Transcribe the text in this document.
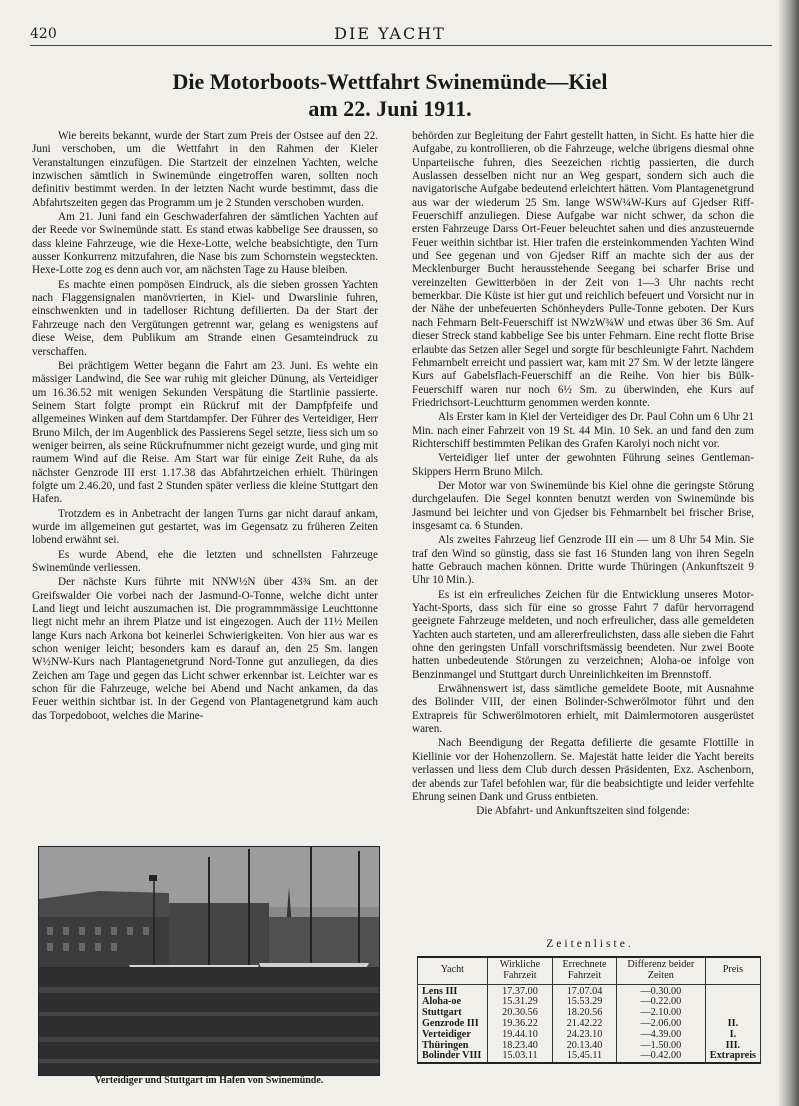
420	DIE YACHT
Die Motorboots-Wettfahrt Swinemünde—Kiel
am 22. Juni 1911.

Wie bereits bekannt, wurde der Start zum Preis der Ostsee auf den 22. Juni verschoben, um die Wettfahrt in den Rahmen der Kieler Veranstaltungen einzufügen. Die Startzeit der einzelnen Yachten, welche inzwischen sämtlich in Swinemünde eingetroffen waren, sollten noch definitiv bestimmt werden. In der letzten Nacht wurde bestimmt, dass die Abfahrtszeiten gegen das Programm um je 2 Stunden verschoben wurden.

Am 21. Juni fand ein Geschwaderfahren der sämtlichen Yachten auf der Reede vor Swinemünde statt. Es stand etwas kabbelige See draussen, so dass kleine Fahrzeuge, wie die Hexe-Lotte, welche beabsichtigte, den Turn ausser Konkurrenz mitzufahren, die Nase bis zum Schornstein wegsteckten. Hexe-Lotte zog es denn auch vor, am nächsten Tage zu Hause bleiben.

Es machte einen pompösen Eindruck, als die sieben grossen Yachten nach Flaggensignalen manövrierten, in Kiel- und Dwarslinie fuhren, einschwenkten und in tadelloser Richtung defilierten. Da der Start der Fahrzeuge nach den Vergütungen getrennt war, gelang es wenigstens auf diese Weise, dem Publikum am Strande einen Gesamteindruck zu verschaffen.

Bei prächtigem Wetter begann die Fahrt am 23. Juni. Es wehte ein mässiger Landwind, die See war ruhig mit gleicher Dünung, als Verteidiger um 16.36.52 mit wenigen Sekunden Verspätung die Startlinie passierte. Seinem Start folgte prompt ein Rückruf mit der Dampfpfeife und allgemeines Winken auf dem Startdampfer. Der Führer des Verteidiger, Herr Bruno Milch, der im Augenblick des Passierens Segel setzte, liess sich um so weniger beirren, als seine Rückrufnummer nicht gezeigt wurde, und ging mit raumem Wind auf die Reise. Am Start war für einige Zeit Ruhe, da als nächster Genzrode III erst 1.17.38 das Abfahrtzeichen erhielt. Thüringen folgte um 2.46.20, und fast 2 Stunden später verliess die kleine Stuttgart den Hafen.

Trotzdem es in Anbetracht der langen Turns gar nicht darauf ankam, wurde im allgemeinen gut gestartet, was im Gegensatz zu früheren Zeiten lobend erwähnt sei.

Es wurde Abend, ehe die letzten und schnellsten Fahrzeuge Swinemünde verliessen.

Der nächste Kurs führte mit NNW½N über 43¾ Sm. an der Greifswalder Oie vorbei nach der Jasmund-O-Tonne, welche dicht unter Land liegt und leicht auszumachen ist. Die programmmässige Leuchttonne liegt nicht mehr an ihrem Platze und ist eingezogen. Auch der 11½ Meilen lange Kurs nach Arkona bot keinerlei Schwierigkeiten. Von hier aus war es schon weniger leicht; besonders kam es darauf an, den 25 Sm. langen W½NW-Kurs nach Plantagenetgrund Nord-Tonne gut anzuliegen, da dies Zeichen am Tage und gegen das Licht schwer erkennbar ist. Leichter war es schon für die Fahrzeuge, welche bei Abend und Nacht ankamen, da das Feuer weithin sichtbar ist. In der Gegend von Plantagenetgrund kam auch das Torpedoboot, welches die Marine-

Verteidiger und Stuttgart im Hafen von Swinemünde.

behörden zur Begleitung der Fahrt gestellt hatten, in Sicht. Es hatte hier die Aufgabe, zu kontrollieren, ob die Fahrzeuge, welche übrigens diesmal ohne Unparteiische fuhren, dies Seezeichen richtig passierten, die durch Auslassen desselben nicht nur an Weg gespart, sondern sich auch die navigatorische Aufgabe bedeutend erleichtert hätten. Vom Plantagenetgrund aus war der wiederum 25 Sm. lange WSW¼W-Kurs auf Gjedser Riff-Feuerschiff anzuliegen. Diese Aufgabe war nicht schwer, da schon die ersten Fahrzeuge Darss Ort-Feuer beleuchtet sahen und dies anzusteuernde Feuer weithin sichtbar ist. Hier trafen die ersteinkommenden Yachten Wind und See gegenan und von Gjedser Riff an machte sich der aus der Mecklenburger Bucht herausstehende Seegang bei scharfer Brise und vereinzelten Gewitterböen in der Zeit von 1—3 Uhr nachts recht bemerkbar. Die Küste ist hier gut und reichlich befeuert und Vorsicht nur in der Nähe der unbefeuerten Schönheyders Pulle-Tonne geboten. Der Kurs nach Fehmarn Belt-Feuerschiff ist NWzW¾W und etwas über 36 Sm. Auf dieser Streck stand kabbelige See bis unter Fehmarn. Eine recht flotte Brise erlaubte das Setzen aller Segel und sorgte für beschleunigte Fahrt. Nachdem Fehmarnbelt erreicht und passiert war, kam mit 27 Sm. W der letzte längere Kurs auf Gabelsflach-Feuerschiff an die Reihe. Von hier bis Bülk-Feuerschiff waren nur noch 6½ Sm. zu überwinden, ehe Kurs auf Friedrichsort-Leuchtturm genommen werden konnte.

Als Erster kam in Kiel der Verteidiger des Dr. Paul Cohn um 6 Uhr 21 Min. nach einer Fahrzeit von 19 St. 44 Min. 10 Sek. an und fand den zum Richterschiff bestimmten Pelikan des Grafen Karolyi noch nicht vor.

Verteidiger lief unter der gewohnten Führung seines Gentleman-Skippers Herrn Bruno Milch.

Der Motor war von Swinemünde bis Kiel ohne die geringste Störung durchgelaufen. Die Segel konnten benutzt werden von Swinemünde bis Jasmund bei leichter und von Gjedser bis Fehmarnbelt bei frischer Brise, insgesamt ca. 6 Stunden.

Als zweites Fahrzeug lief Genzrode III ein — um 8 Uhr 54 Min. Sie traf den Wind so günstig, dass sie fast 16 Stunden lang von ihren Segeln hatte Gebrauch machen können. Dritte wurde Thüringen (Ankunftszeit 9 Uhr 10 Min.).

Es ist ein erfreuliches Zeichen für die Entwicklung unseres Motor-Yacht-Sports, dass sich für eine so grosse Fahrt 7 dafür hervorragend geeignete Fahrzeuge meldeten, und noch erfreulicher, dass alle gemeldeten Yachten auch starteten, und am allererfreulichsten, dass alle sieben die Fahrt ohne den geringsten Unfall vorschriftsmässig beendeten. Nur zwei Boote hatten unbedeutende Störungen zu verzeichnen; Aloha-oe infolge von Benzinmangel und Stuttgart durch Unreinlichkeiten im Brennstoff.

Erwähnenswert ist, dass sämtliche gemeldete Boote, mit Ausnahme des Bolinder VIII, der einen Bolinder-Schwerölmotor führt und den Extrapreis für Schwerölmotoren erhielt, mit Daimlermotoren ausgerüstet waren.

Nach Beendigung der Regatta defilierte die gesamte Flottille in Kiellinie vor der Hohenzollern. Se. Majestät hatte leider die Yacht bereits verlassen und liess dem Club durch dessen Präsidenten, Exz. Aschenborn, der abends zur Tafel befohlen war, für die beabsichtigte und leider verfehlte Ehrung seinen Dank und Gruss entbieten.

Die Abfahrt- und Ankunftszeiten sind folgende:

Zeitenliste.
Yacht	Wirkliche Fahrzeit	Errechnete Fahrzeit	Differenz beider Zeiten	Preis
Lens III	17.37.00	17.07.04	—0.30.00	
Aloha-oe	15.31.29	15.53.29	—0.22.00	
Stuttgart	20.30.56	18.20.56	—2.10.00	
Genzrode III	19.36.22	21.42.22	—2.06.00	II.
Verteidiger	19.44.10	24.23.10	—4.39.00	I.
Thüringen	18.23.40	20.13.40	—1.50.00	III.
Bolinder VIII	15.03.11	15.45.11	—0.42.00	Extrapreis
